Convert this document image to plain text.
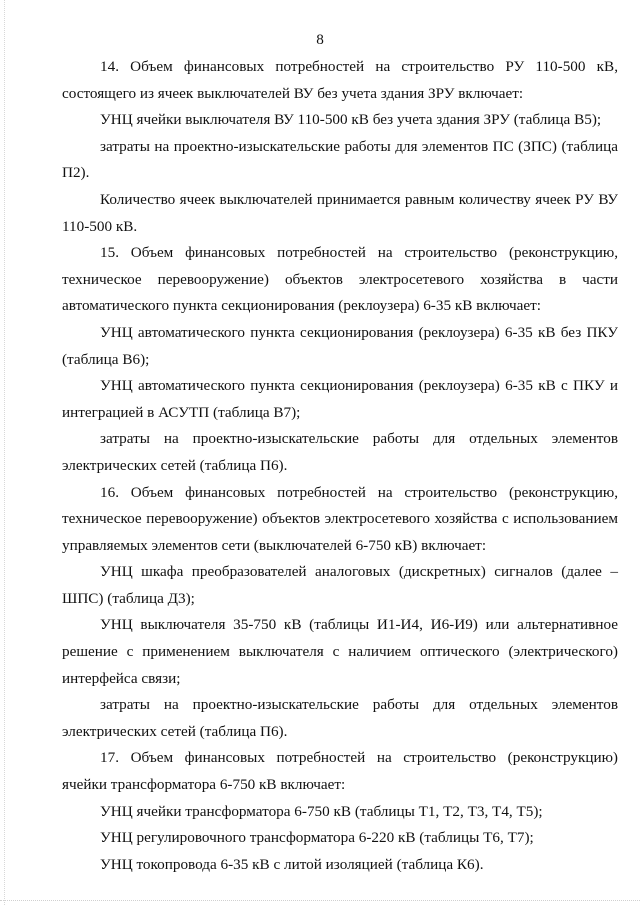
8

14. Объем финансовых потребностей на строительство РУ 110-500 кВ, состоящего из ячеек выключателей ВУ без учета здания ЗРУ включает:

УНЦ ячейки выключателя ВУ 110-500 кВ без учета здания ЗРУ (таблица В5);

затраты на проектно-изыскательские работы для элементов ПС (ЗПС) (таблица П2).

Количество ячеек выключателей принимается равным количеству ячеек РУ ВУ 110-500 кВ.

15. Объем финансовых потребностей на строительство (реконструкцию, техническое перевооружение) объектов электросетевого хозяйства в части автоматического пункта секционирования (реклоузера) 6-35 кВ включает:

УНЦ автоматического пункта секционирования (реклоузера) 6-35 кВ без ПКУ (таблица В6);

УНЦ автоматического пункта секционирования (реклоузера) 6-35 кВ с ПКУ и интеграцией в АСУТП (таблица В7);

затраты на проектно-изыскательские работы для отдельных элементов электрических сетей (таблица П6).

16. Объем финансовых потребностей на строительство (реконструкцию, техническое перевооружение) объектов электросетевого хозяйства с использованием управляемых элементов сети (выключателей 6-750 кВ) включает:

УНЦ шкафа преобразователей аналоговых (дискретных) сигналов (далее – ШПС) (таблица Д3);

УНЦ выключателя 35-750 кВ (таблицы И1-И4, И6-И9) или альтернативное решение с применением выключателя с наличием оптического (электрического) интерфейса связи;

затраты на проектно-изыскательские работы для отдельных элементов электрических сетей (таблица П6).

17. Объем финансовых потребностей на строительство (реконструкцию) ячейки трансформатора 6-750 кВ включает:

УНЦ ячейки трансформатора 6-750 кВ (таблицы Т1, Т2, Т3, Т4, Т5);

УНЦ регулировочного трансформатора 6-220 кВ (таблицы Т6, Т7);

УНЦ токопровода 6-35 кВ с литой изоляцией (таблица К6).
